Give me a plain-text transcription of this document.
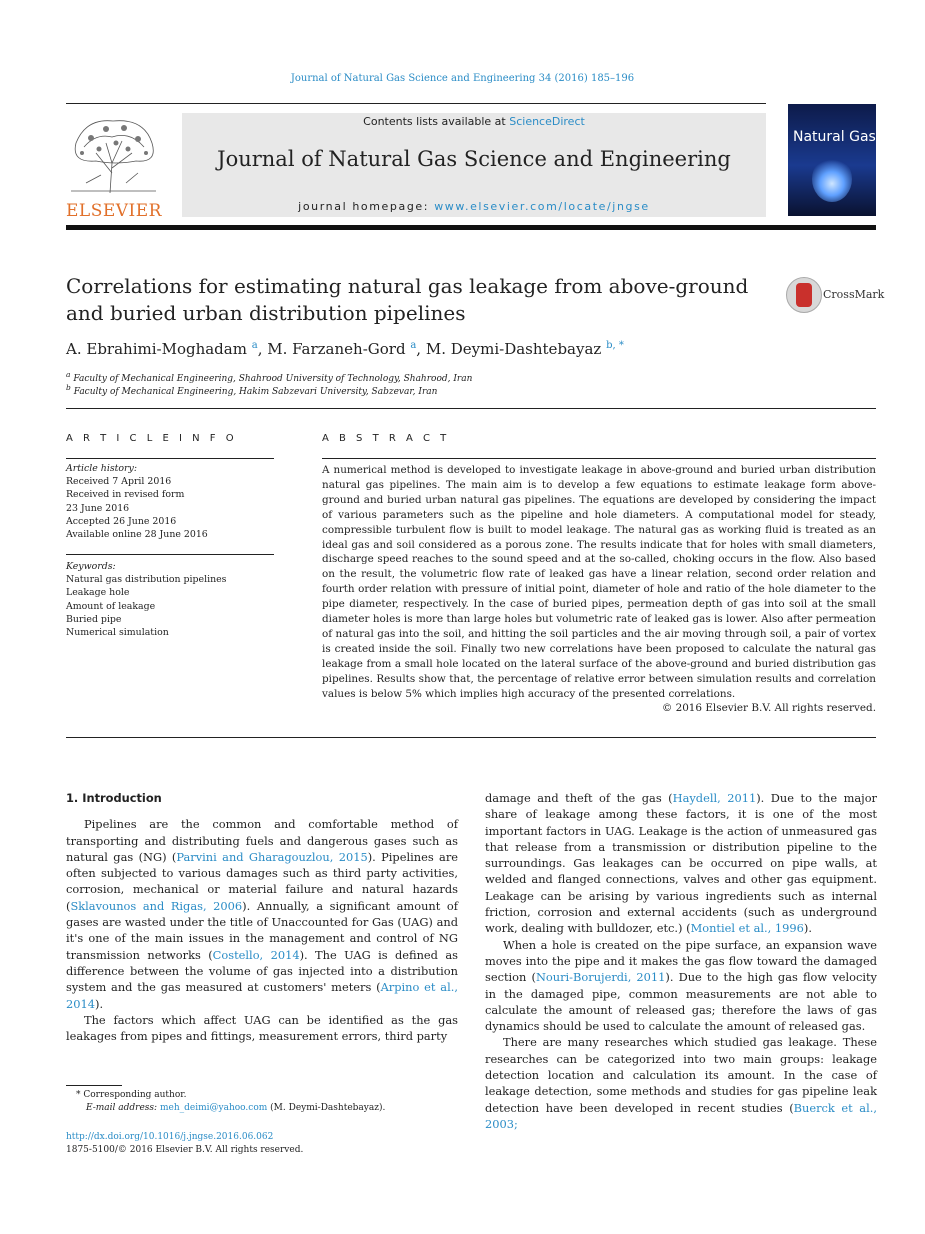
Journal of Natural Gas Science and Engineering 34 (2016) 185–196
ELSEVIER
Contents lists available at ScienceDirect
Journal of Natural Gas Science and Engineering
journal homepage: www.elsevier.com/locate/jngse
Natural Gas
Correlations for estimating natural gas leakage from above-ground and buried urban distribution pipelines
CrossMark
A. Ebrahimi-Moghadam $^a$, M. Farzaneh-Gord $^a$, M. Deymi-Dashtebayaz $^{b, *}$
$^a$ Faculty of Mechanical Engineering, Shahrood University of Technology, Shahrood, Iran
$^b$ Faculty of Mechanical Engineering, Hakim Sabzevari University, Sabzevar, Iran
A R T I C L E I N F O
Article history:
Received 7 April 2016
Received in revised form
23 June 2016
Accepted 26 June 2016
Available online 28 June 2016
Keywords:
Natural gas distribution pipelines
Leakage hole
Amount of leakage
Buried pipe
Numerical simulation
A B S T R A C T
A numerical method is developed to investigate leakage in above-ground and buried urban distribution natural gas pipelines. The main aim is to develop a few equations to estimate leakage form above-ground and buried urban natural gas pipelines. The equations are developed by considering the impact of various parameters such as the pipeline and hole diameters. A computational model for steady, compressible turbulent flow is built to model leakage. The natural gas as working fluid is treated as an ideal gas and soil considered as a porous zone. The results indicate that for holes with small diameters, discharge speed reaches to the sound speed and at the so-called, choking occurs in the flow. Also based on the result, the volumetric flow rate of leaked gas have a linear relation, second order relation and fourth order relation with pressure of initial point, diameter of hole and ratio of the hole diameter to the pipe diameter, respectively. In the case of buried pipes, permeation depth of gas into soil at the small diameter holes is more than large holes but volumetric rate of leaked gas is lower. Also after permeation of natural gas into the soil, and hitting the soil particles and the air moving through soil, a pair of vortex is created inside the soil. Finally two new correlations have been proposed to calculate the natural gas leakage from a small hole located on the lateral surface of the above-ground and buried distribution gas pipelines. Results show that, the percentage of relative error between simulation results and correlation values is below 5% which implies high accuracy of the presented correlations.
© 2016 Elsevier B.V. All rights reserved.

1. Introduction

Pipelines are the common and comfortable method of transporting and distributing fuels and dangerous gases such as natural gas (NG) (Parvini and Gharagouzlou, 2015). Pipelines are often subjected to various damages such as third party activities, corrosion, mechanical or material failure and natural hazards (Sklavounos and Rigas, 2006). Annually, a significant amount of gases are wasted under the title of Unaccounted for Gas (UAG) and it's one of the main issues in the management and control of NG transmission networks (Costello, 2014). The UAG is defined as difference between the volume of gas injected into a distribution system and the gas measured at customers' meters (Arpino et al., 2014).

The factors which affect UAG can be identified as the gas leakages from pipes and fittings, measurement errors, third party

damage and theft of the gas (Haydell, 2011). Due to the major share of leakage among these factors, it is one of the most important factors in UAG. Leakage is the action of unmeasured gas that release from a transmission or distribution pipeline to the surroundings. Gas leakages can be occurred on pipe walls, at welded and flanged connections, valves and other gas equipment. Leakage can be arising by various ingredients such as internal friction, corrosion and external accidents (such as underground work, dealing with bulldozer, etc.) (Montiel et al., 1996).

When a hole is created on the pipe surface, an expansion wave moves into the pipe and it makes the gas flow toward the damaged section (Nouri-Borujerdi, 2011). Due to the high gas flow velocity in the damaged pipe, common measurements are not able to calculate the amount of released gas; therefore the laws of gas dynamics should be used to calculate the amount of released gas.

There are many researches which studied gas leakage. These researches can be categorized into two main groups: leakage detection location and calculation its amount. In the case of leakage detection, some methods and studies for gas pipeline leak detection have been developed in recent studies (Buerck et al., 2003;

* Corresponding author.
E-mail address: meh_deimi@yahoo.com (M. Deymi-Dashtebayaz).
http://dx.doi.org/10.1016/j.jngse.2016.06.062
1875-5100/© 2016 Elsevier B.V. All rights reserved.
